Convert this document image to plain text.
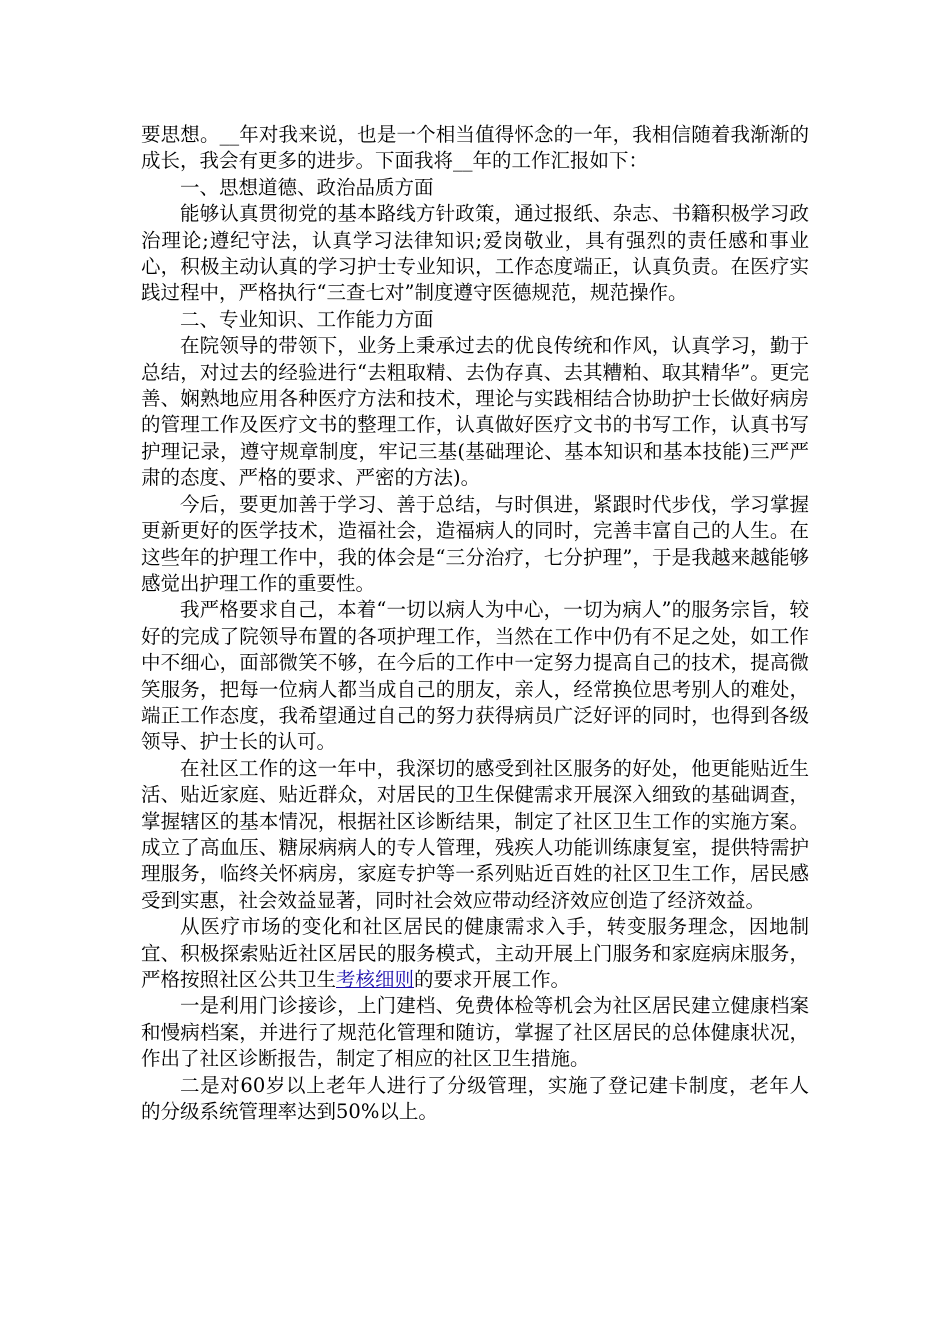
要思想。__年对我来说，也是一个相当值得怀念的一年，我相信随着我渐渐的成长，我会有更多的进步。下面我将__年的工作汇报如下：

一、思想道德、政治品质方面

能够认真贯彻党的基本路线方针政策，通过报纸、杂志、书籍积极学习政治理论;遵纪守法，认真学习法律知识;爱岗敬业，具有强烈的责任感和事业心，积极主动认真的学习护士专业知识，工作态度端正，认真负责。在医疗实践过程中，严格执行“三查七对”制度遵守医德规范，规范操作。

二、专业知识、工作能力方面

在院领导的带领下，业务上秉承过去的优良传统和作风，认真学习，勤于总结，对过去的经验进行“去粗取精、去伪存真、去其糟粕、取其精华”。更完善、娴熟地应用各种医疗方法和技术，理论与实践相结合协助护士长做好病房的管理工作及医疗文书的整理工作，认真做好医疗文书的书写工作，认真书写护理记录，遵守规章制度，牢记三基(基础理论、基本知识和基本技能)三严严肃的态度、严格的要求、严密的方法)。

今后，要更加善于学习、善于总结，与时俱进，紧跟时代步伐，学习掌握更新更好的医学技术，造福社会，造福病人的同时，完善丰富自己的人生。在这些年的护理工作中，我的体会是“三分治疗，七分护理”，于是我越来越能够感觉出护理工作的重要性。

我严格要求自己，本着“一切以病人为中心，一切为病人”的服务宗旨，较好的完成了院领导布置的各项护理工作，当然在工作中仍有不足之处，如工作中不细心，面部微笑不够，在今后的工作中一定努力提高自己的技术，提高微笑服务，把每一位病人都当成自己的朋友，亲人，经常换位思考别人的难处，端正工作态度，我希望通过自己的努力获得病员广泛好评的同时，也得到各级领导、护士长的认可。

在社区工作的这一年中，我深切的感受到社区服务的好处，他更能贴近生活、贴近家庭、贴近群众，对居民的卫生保健需求开展深入细致的基础调查，掌握辖区的基本情况，根据社区诊断结果，制定了社区卫生工作的实施方案。成立了高血压、糖尿病病人的专人管理，残疾人功能训练康复室，提供特需护理服务，临终关怀病房，家庭专护等一系列贴近百姓的社区卫生工作，居民感受到实惠，社会效益显著，同时社会效应带动经济效应创造了经济效益。

从医疗市场的变化和社区居民的健康需求入手，转变服务理念，因地制宜、积极探索贴近社区居民的服务模式，主动开展上门服务和家庭病床服务，严格按照社区公共卫生考核细则的要求开展工作。

一是利用门诊接诊，上门建档、免费体检等机会为社区居民建立健康档案和慢病档案，并进行了规范化管理和随访，掌握了社区居民的总体健康状况，作出了社区诊断报告，制定了相应的社区卫生措施。

二是对60岁以上老年人进行了分级管理，实施了登记建卡制度，老年人的分级系统管理率达到50%以上。
